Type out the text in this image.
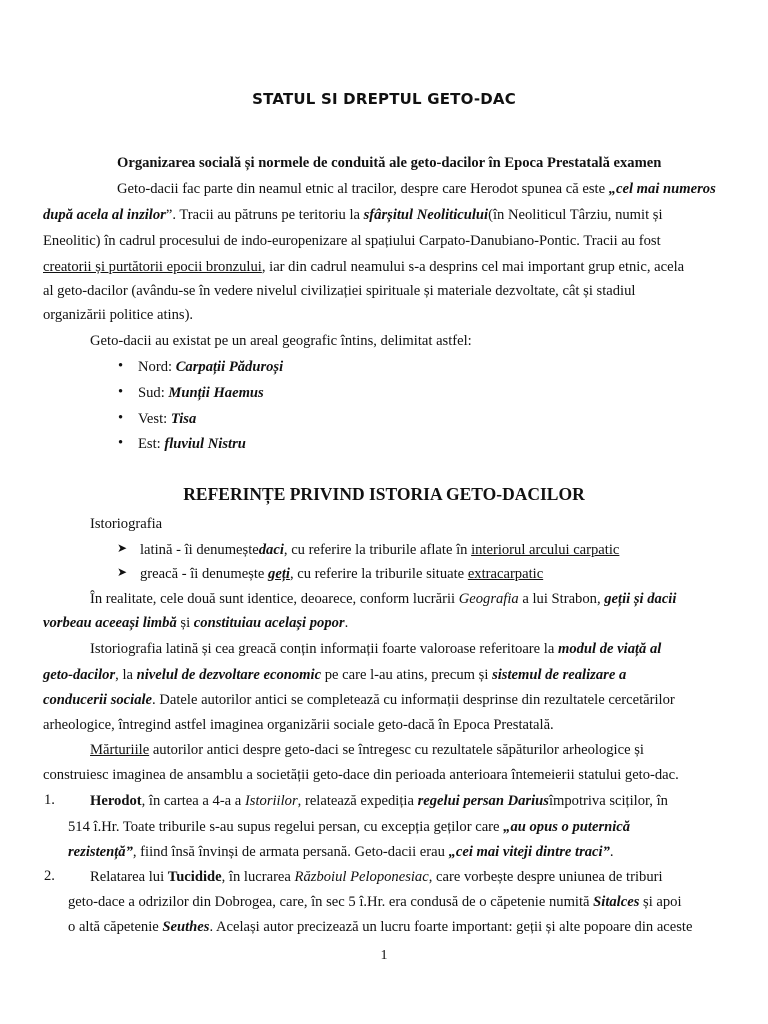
STATUL SI DREPTUL GETO-DAC
Organizarea socială și normele de conduită ale geto-dacilor în Epoca Prestatală examen
Geto-dacii fac parte din neamul etnic al tracilor, despre care Herodot spunea că este „cel mai numeros
după acela al inzilor”. Tracii au pătruns pe teritoriu la sfârșitul Neoliticului(în Neoliticul Târziu, numit și
Eneolitic) în cadrul procesului de indo-europenizare al spațiului Carpato-Danubiano-Pontic. Tracii au fost
creatorii și purtătorii epocii bronzului, iar din cadrul neamului s-a desprins cel mai important grup etnic, acela
al geto-dacilor (avându-se în vedere nivelul civilizației spirituale și materiale dezvoltate, cât și stadiul
organizării politice atins).
Geto-dacii au existat pe un areal geografic întins, delimitat astfel:
• Nord: Carpații Păduroși
• Sud: Munții Haemus
• Vest: Tisa
• Est: fluviul Nistru
REFERINȚE PRIVIND ISTORIA GETO-DACILOR
Istoriografia
➤ latină - îi denumeștedaci, cu referire la triburile aflate în interiorul arcului carpatic
➤ greacă - îi denumește geți, cu referire la triburile situate extracarpatic
În realitate, cele două sunt identice, deoarece, conform lucrării Geografia a lui Strabon, geții și dacii
vorbeau aceeași limbă și constituiau același popor.
Istoriografia latină și cea greacă conțin informații foarte valoroase referitoare la modul de viață al
geto-dacilor, la nivelul de dezvoltare economic pe care l-au atins, precum și sistemul de realizare a
conducerii sociale. Datele autorilor antici se completează cu informații desprinse din rezultatele cercetărilor
arheologice, întregind astfel imaginea organizării sociale geto-dacă în Epoca Prestatală.
Mărturiile autorilor antici despre geto-daci se întregesc cu rezultatele săpăturilor arheologice și
construiesc imaginea de ansamblu a societății geto-dace din perioada anterioara întemeierii statului geto-dac.
1. Herodot, în cartea a 4-a a Istoriilor, relatează expediția regelui persan Dariusîmpotriva sciților, în
514 î.Hr. Toate triburile s-au supus regelui persan, cu excepția geților care „au opus o puternică
rezistență”, fiind însă învinși de armata persană. Geto-dacii erau „cei mai viteji dintre traci”.
2. Relatarea lui Tucidide, în lucrarea Războiul Peloponesiac, care vorbește despre uniunea de triburi
geto-dace a odrizilor din Dobrogea, care, în sec 5 î.Hr. era condusă de o căpetenie numită Sitalces și apoi
o altă căpetenie Seuthes. Același autor precizează un lucru foarte important: geții și alte popoare din aceste
1
